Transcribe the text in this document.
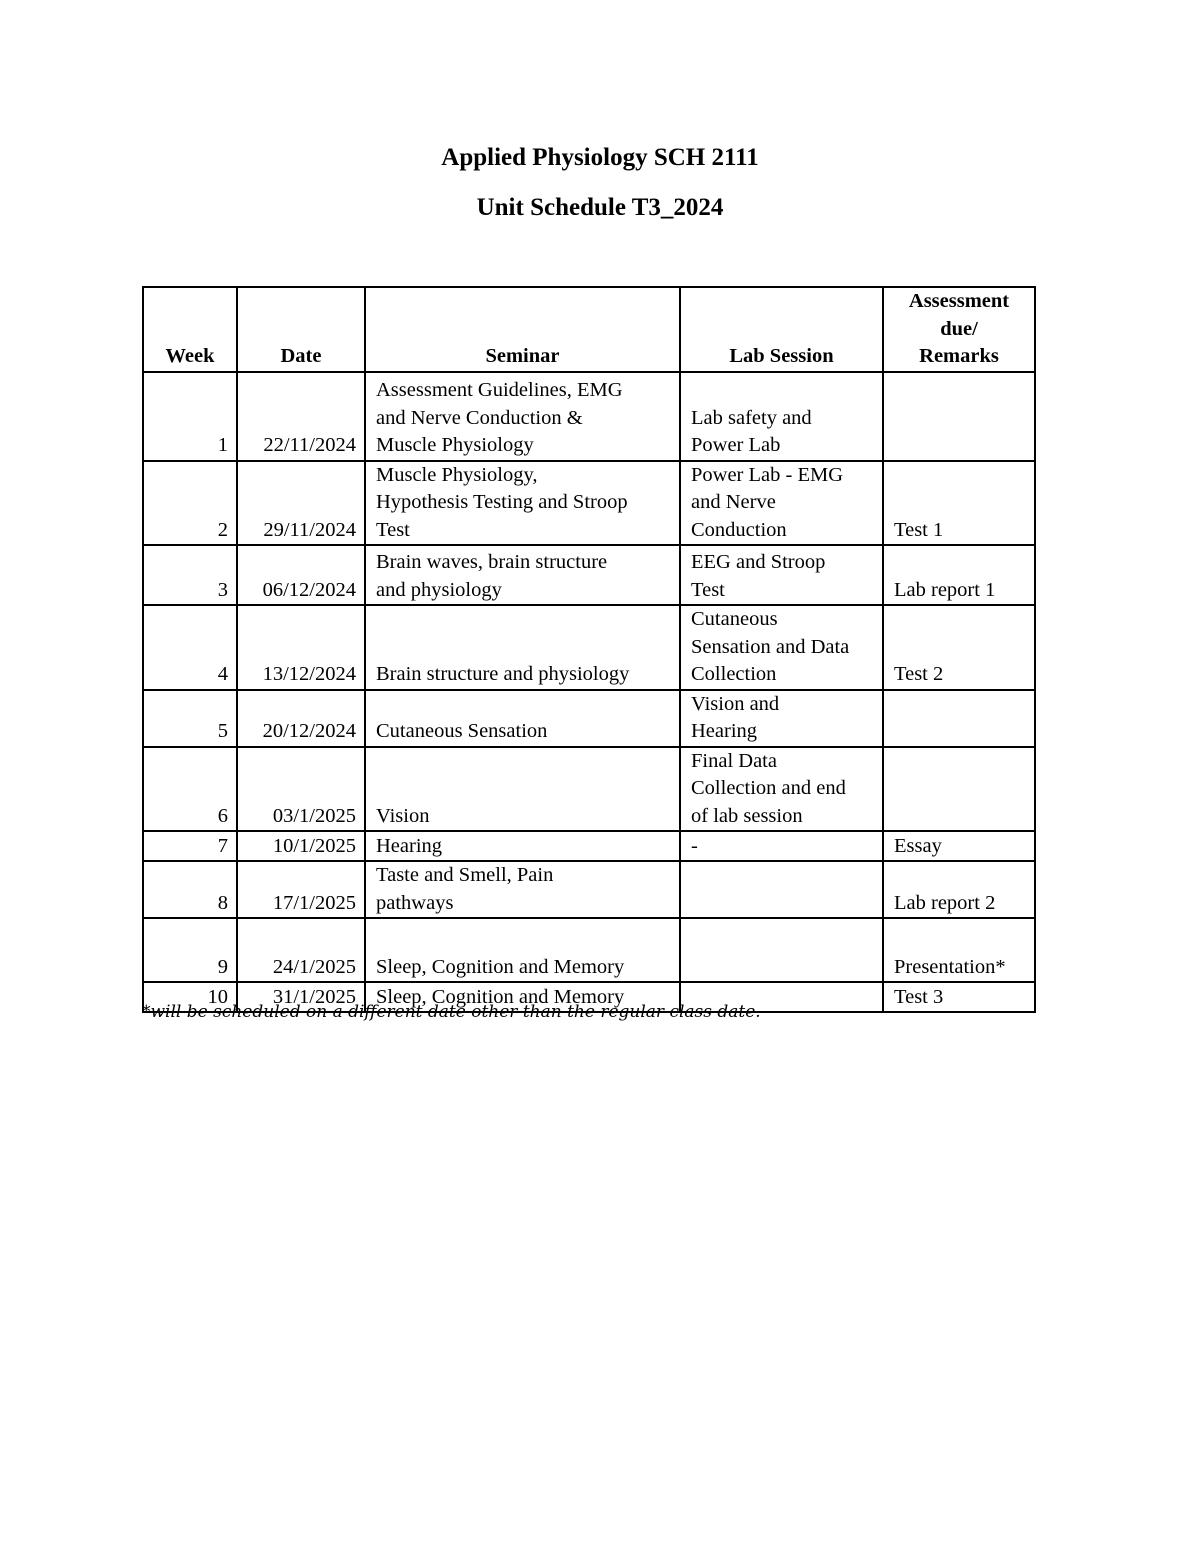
Applied Physiology SCH 2111
Unit Schedule T3_2024
Week	Date	Seminar	Lab Session	Assessment
due/
Remarks

1	22/11/2024	Assessment Guidelines, EMG
and Nerve Conduction &
Muscle Physiology	Lab safety and
Power Lab	

2	29/11/2024	Muscle Physiology,
Hypothesis Testing and Stroop
Test	Power Lab - EMG
and Nerve
Conduction	Test 1

3	06/12/2024	Brain waves, brain structure
and physiology	EEG and Stroop
Test	Lab report 1

4	13/12/2024	Brain structure and physiology	Cutaneous
Sensation and Data
Collection	Test 2

5	20/12/2024	Cutaneous Sensation	Vision and
Hearing	

6	03/1/2025	Vision	Final Data
Collection and end
of lab session	

7	10/1/2025	Hearing	-	Essay

8	17/1/2025	Taste and Smell, Pain
pathways		Lab report 2

9	24/1/2025	Sleep, Cognition and Memory		Presentation*

10	31/1/2025	Sleep, Cognition and Memory		Test 3
*will be scheduled on a different date other than the regular class date.
